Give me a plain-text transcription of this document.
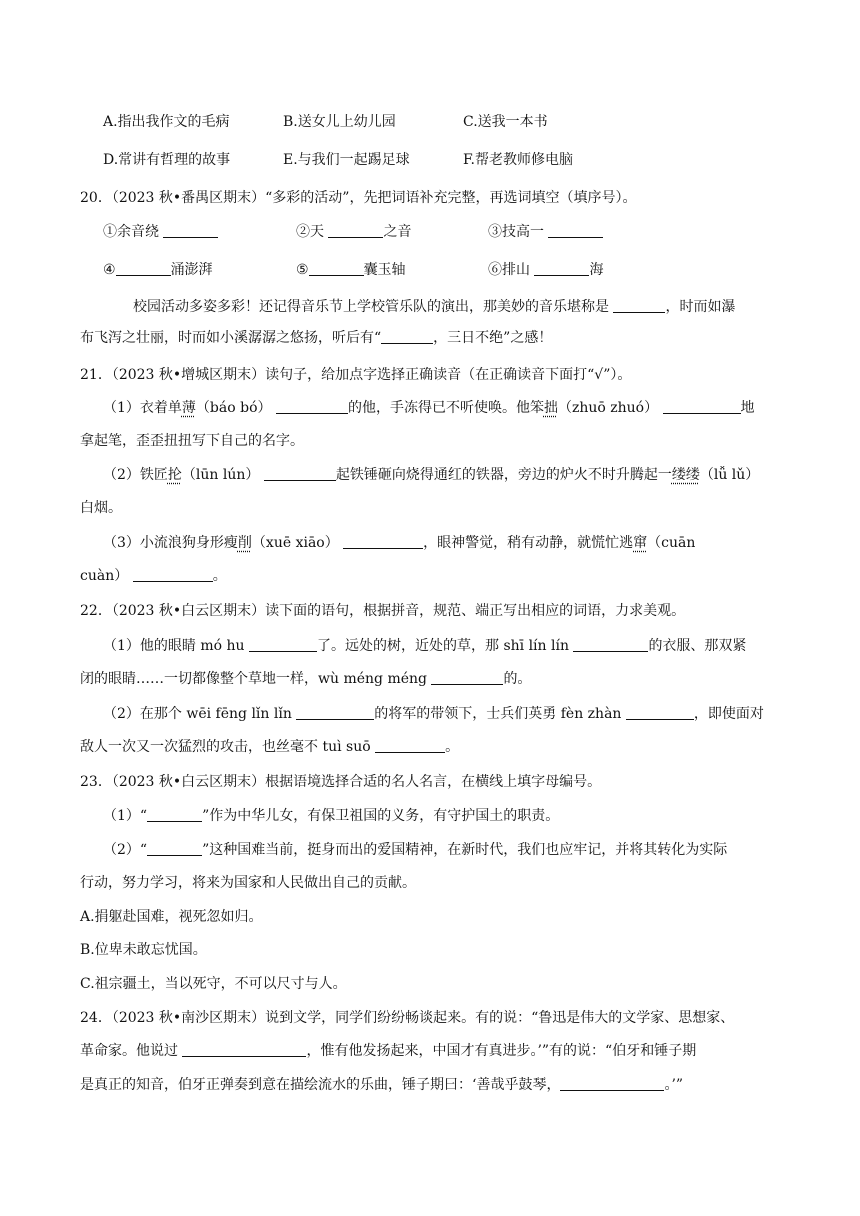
A.指出我作文的毛病	B.送女儿上幼儿园	C.送我一本书
D.常讲有哲理的故事	E.与我们一起踢足球	F.帮老教师修电脑
20．（2023 秋•番禺区期末）“多彩的活动”，先把词语补充完整，再选词填空（填序号）。
①余音绕	②天	之音	③技高一
④	涌澎湃	⑤	囊玉轴	⑥排山	海
校园活动多姿多彩！还记得音乐节上学校管乐队的演出，那美妙的音乐堪称是	，时而如瀑
布飞泻之壮丽，时而如小溪潺潺之悠扬，听后有“	，三日不绝”之感！
21．（2023 秋•增城区期末）读句子，给加点字选择正确读音（在正确读音下面打“√”）。
（1）衣着单薄（báo bó）	的他，手冻得已不听使唤。他笨拙（zhuō zhuó）	地
拿起笔，歪歪扭扭写下自己的名字。
（2）铁匠抡（lūn lún）	起铁锤砸向烧得通红的铁器，旁边的炉火不时升腾起一缕缕（lǚ lǔ）
白烟。
（3）小流浪狗身形瘦削（xuē xiāo）	，眼神警觉，稍有动静，就慌忙逃窜（cuān
cuàn）	。
22．（2023 秋•白云区期末）读下面的语句，根据拼音，规范、端正写出相应的词语，力求美观。
（1）他的眼睛 mó hu	了。远处的树，近处的草，那 shī lín lín	的衣服、那双紧
闭的眼睛……一切都像整个草地一样，wù méng méng	的。
（2）在那个 wēi fēng lǐn lǐn	的将军的带领下，士兵们英勇 fèn zhàn	，即使面对
敌人一次又一次猛烈的攻击，也丝毫不 tuì suō	。
23．（2023 秋•白云区期末）根据语境选择合适的名人名言，在横线上填字母编号。
（1）“	”作为中华儿女，有保卫祖国的义务，有守护国土的职责。
（2）“	”这种国难当前，挺身而出的爱国精神，在新时代，我们也应牢记，并将其转化为实际
行动，努力学习，将来为国家和人民做出自己的贡献。
A.捐躯赴国难，视死忽如归。
B.位卑未敢忘忧国。
C.祖宗疆土，当以死守，不可以尺寸与人。
24．（2023 秋•南沙区期末）说到文学，同学们纷纷畅谈起来。有的说：“鲁迅是伟大的文学家、思想家、
革命家。他说过	，惟有他发扬起来，中国才有真进步。’”有的说：“伯牙和锤子期
是真正的知音，伯牙正弹奏到意在描绘流水的乐曲，锤子期曰：‘善哉乎鼓琴，	。’”
